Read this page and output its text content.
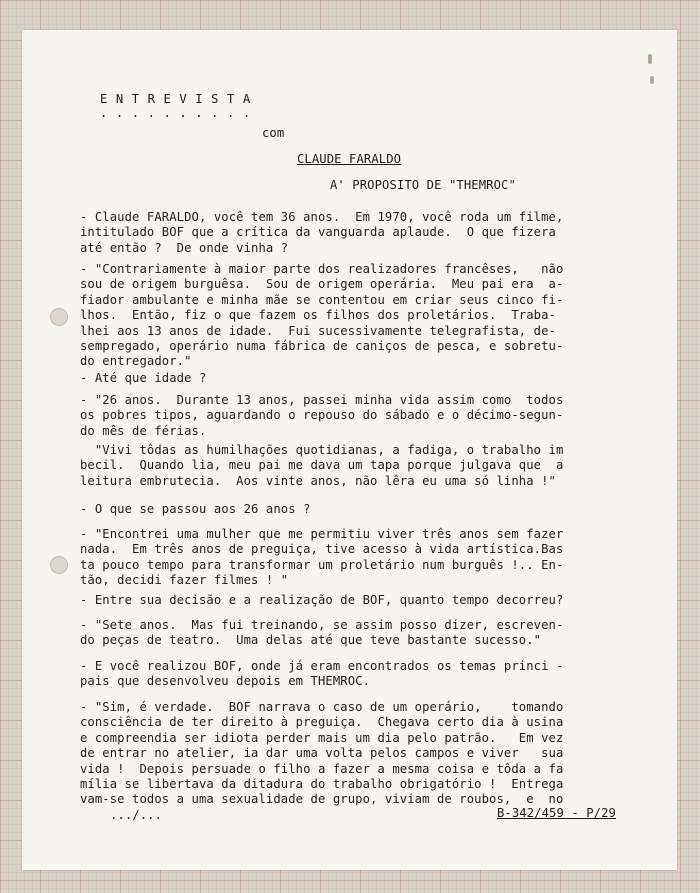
E N T R E V I S T A

. . . . . . . . . .

com

CLAUDE FARALDO

A' PROPOSITO DE "THEMROC"

- Claude FARALDO, você tem 36 anos.  Em 1970, você roda um filme,
intitulado BOF que a crítica da vanguarda aplaude.  O que fizera
até então ?  De onde vinha ?
- "Contrariamente à maior parte dos realizadores francêses,   não
sou de origem burguêsa.  Sou de origem operária.  Meu pai era  a-
fiador ambulante e minha mãe se contentou em criar seus cinco fi-
lhos.  Então, fiz o que fazem os filhos dos proletários.  Traba-
lhei aos 13 anos de idade.  Fui sucessivamente telegrafista, de-
sempregado, operário numa fábrica de caniços de pesca, e sobretu-
do entregador."
- Até que idade ?
- "26 anos.  Durante 13 anos, passei minha vida assim como  todos
os pobres tipos, aguardando o repouso do sábado e o décimo-segun-
do mês de férias.
"Vivi tôdas as humilhações quotidianas, a fadiga, o trabalho im
becil.  Quando lia, meu pai me dava um tapa porque julgava que  a
leitura embrutecia.  Aos vinte anos, não lêra eu uma só linha !"
- O que se passou aos 26 anos ?
- "Encontrei uma mulher que me permitiu viver três anos sem fazer
nada.  Em três anos de preguiça, tive acesso à vida artística.Bas
ta pouco tempo para transformar um proletário num burguês !.. En-
tão, decidi fazer filmes ! "
- Entre sua decisão e a realização de BOF, quanto tempo decorreu?
- "Sete anos.  Mas fui treinando, se assim posso dizer, escreven-
do peças de teatro.  Uma delas até que teve bastante sucesso."
- E você realizou BOF, onde já eram encontrados os temas princi -
pais que desenvolveu depois em THEMROC.
- "Sim, é verdade.  BOF narrava o caso de um operário,    tomando
consciência de ter direito à preguiça.  Chegava certo dia à usina
e compreendia ser idiota perder mais um dia pelo patrão.   Em vez
de entrar no atelier, ia dar uma volta pelos campos e viver   sua
vida !  Depois persuade o filho a fazer a mesma coisa e tôda a fa
mília se libertava da ditadura do trabalho obrigatório !  Entrega
vam-se todos a uma sexualidade de grupo, viviam de roubos,  e  no

.../...	B-342/459 - P/29
